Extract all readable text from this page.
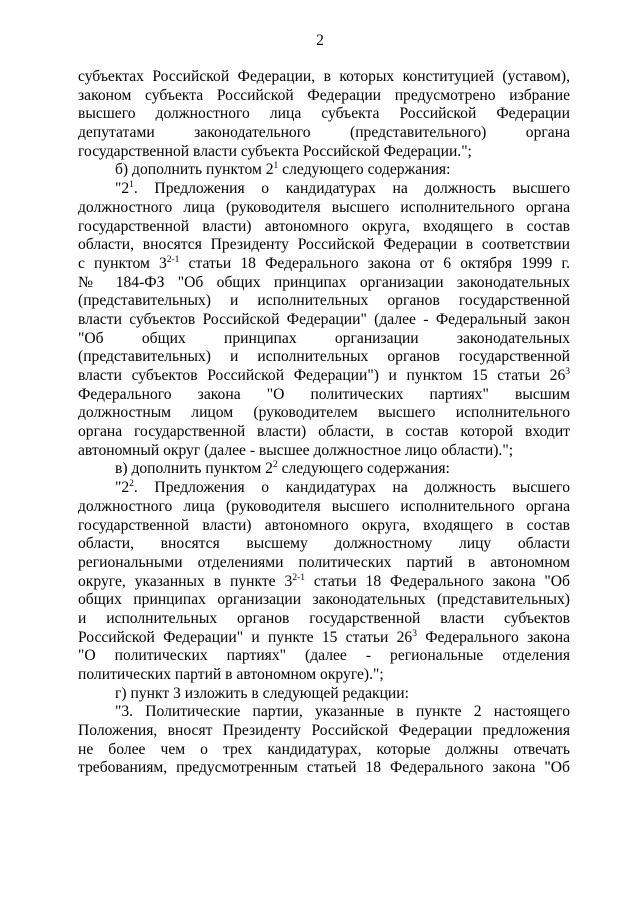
2
субъектах Российской Федерации, в которых конституцией (уставом),
законом субъекта Российской Федерации предусмотрено избрание
высшего должностного лица субъекта Российской Федерации
депутатами законодательного (представительного) органа
государственной власти субъекта Российской Федерации.";
б) дополнить пунктом $2^1$ следующего содержания:
"$2^1$. Предложения о кандидатурах на должность высшего
должностного лица (руководителя высшего исполнительного органа
государственной власти) автономного округа, входящего в состав
области, вносятся Президенту Российской Федерации в соответствии
с пунктом 3$^{2-1}$ статьи 18 Федерального закона от 6 октября 1999 г.
№ 184-ФЗ "Об общих принципах организации законодательных
(представительных) и исполнительных органов государственной
власти субъектов Российской Федерации" (далее - Федеральный закон
"Об общих принципах организации законодательных
(представительных) и исполнительных органов государственной
власти субъектов Российской Федерации") и пунктом 15 статьи $26^3$
Федерального закона "О политических партиях" высшим
должностным лицом (руководителем высшего исполнительного
органа государственной власти) области, в состав которой входит
автономный округ (далее - высшее должностное лицо области).";
в) дополнить пунктом $2^2$ следующего содержания:
"$2^2$. Предложения о кандидатурах на должность высшего
должностного лица (руководителя высшего исполнительного органа
государственной власти) автономного округа, входящего в состав
области, вносятся высшему должностному лицу области
региональными отделениями политических партий в автономном
округе, указанных в пункте 3$^{2-1}$ статьи 18 Федерального закона "Об
общих принципах организации законодательных (представительных)
и исполнительных органов государственной власти субъектов
Российской Федерации" и пункте 15 статьи $26^3$ Федерального закона
"О политических партиях" (далее - региональные отделения
политических партий в автономном округе).";
г) пункт 3 изложить в следующей редакции:
"3. Политические партии, указанные в пункте 2 настоящего
Положения, вносят Президенту Российской Федерации предложения
не более чем о трех кандидатурах, которые должны отвечать
требованиям, предусмотренным статьей 18 Федерального закона "Об
